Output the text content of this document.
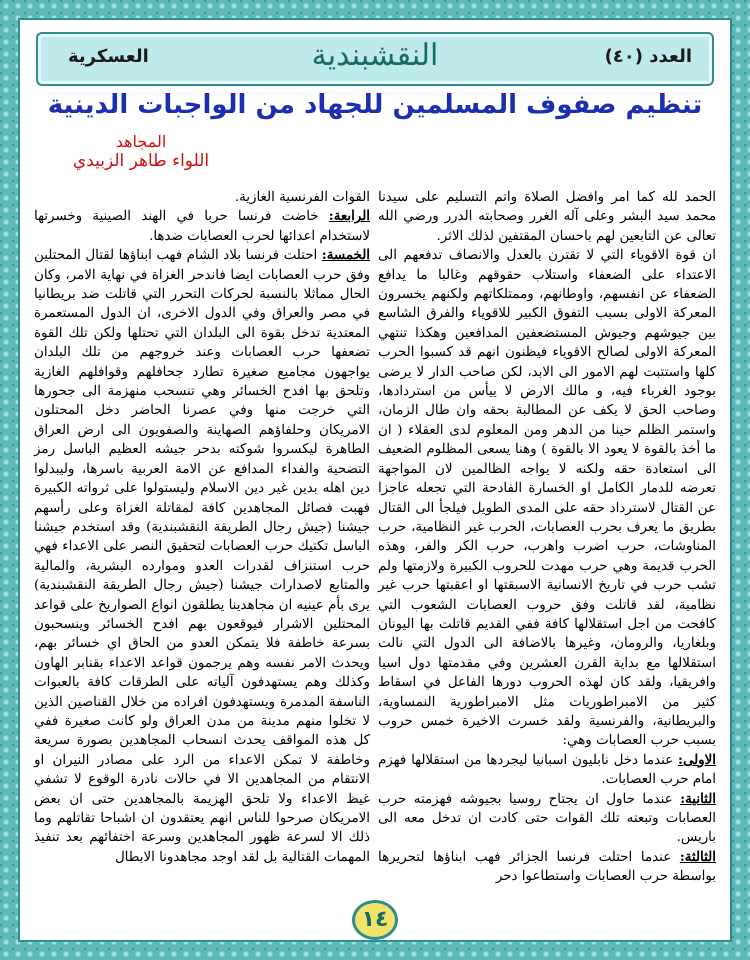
العدد (٤٠)
النقشبندية
العسكرية
تنظيم صفوف المسلمين للجهاد من الواجبات الدينية
المجاهد
اللواء طاهر الزبيدي

الحمد لله كما امر وافضل الصلاة واتم التسليم على سيدنا محمد سيد البشر وعلى آله الغرر وصحابته الدرر ورضي الله تعالى عن التابعين لهم باحسان المقتفين لذلك الاثر.

ان قوة الاقوياء التي لا تقترن بالعدل والانصاف تدفعهم الى الاعتداء على الضعفاء واستلاب حقوقهم وغالبا ما يدافع الضعفاء عن انفسهم، واوطانهم، وممتلكاتهم ولكنهم يخسرون المعركة الاولى بسبب التفوق الكبير للاقوياء والفرق الشاسع بين جيوشهم وجيوش المستضعفين المدافعين وهكذا تنتهي المعركة الاولى لصالح الاقوياء فيظنون انهم قد كسبوا الحرب كلها واستتبت لهم الامور الى الابد، لكن صاحب الدار لا يرضى بوجود الغرباء فيه، و مالك الارض لا ييأس من استردادها، وصاحب الحق لا يكف عن المطالبة بحقه وان طال الزمان، واستمر الظلم حينا من الدهر ومن المعلوم لدى العقلاء ( ان ما أخذ بالقوة لا يعود الا بالقوة ) وهنا يسعى المظلوم الضعيف الى استعادة حقه ولكنه لا يواجه الظالمين لان المواجهة تعرضه للدمار الكامل او الخسارة الفادحة التي تجعله عاجزا عن القتال لاسترداد حقه على المدى الطويل فيلجأ الى القتال بطريق ما يعرف بحرب العصابات، الحرب غير النظامية، حرب المناوشات، حرب اضرب واهرب، حرب الكر والفر، وهذه الحرب قديمة وهي حرب مهدت للحروب الكبيرة ولازمتها ولم تشب حرب في تاريخ الانسانية الاسبقتها او اعقبتها حرب غير نظامية، لقد قاتلت وفق حروب العصابات الشعوب التي كافحت من اجل استقلالها كافة ففي القديم قاتلت بها اليونان وبلغاريا، والرومان، وغيرها بالاضافة الى الدول التي نالت استقلالها مع بداية القرن العشرين وفي مقدمتها دول اسيا وافريقيا، ولقد كان لهذه الحروب دورها الفاعل في اسقاط كثير من الامبراطوريات مثل الامبراطورية النمساوية، والبريطانية، والفرنسية ولقد خسرت الاخيرة خمس حروب بسبب حرب العصابات وهي:

الاولى: عندما دخل نابليون اسبانيا ليجردها من استقلالها فهزم امام حرب العصابات.

الثانية: عندما حاول ان يجتاح روسيا بجيوشه فهزمته حرب العصابات وتبعته تلك القوات حتى كادت ان تدخل معه الى باريس.

الثالثة: عندما احتلت فرنسا الجزائر فهب ابناؤها لتحريرها بواسطة حرب العصابات واستطاعوا دحر

القوات الفرنسية الغازية.

الرابعة: خاضت فرنسا حربا في الهند الصينية وخسرتها لاستخدام اعدائها لحرب العصابات ضدها.

الخمسة: احتلت فرنسا بلاد الشام فهب ابناؤها لقتال المحتلين وفق حرب العصابات ايضا فاندحر الغزاة في نهاية الامر، وكان الحال مماثلا بالنسبة لحركات التحرر التي قاتلت ضد بريطانيا في مصر والعراق وفي الدول الاخرى، ان الدول المستعمرة المعتدية تدخل بقوة الى البلدان التي تحتلها ولكن تلك القوة تضعفها حرب العصابات وعند خروجهم من تلك البلدان يواجهون مجاميع صغيرة تطارد جحافلهم وقوافلهم الغازية وتلحق بها افدح الخسائر وهي تنسحب منهزمة الى جحورها التي خرجت منها وفي عصرنا الحاضر دخل المحتلون الامريكان وحلفاؤهم الصهاينة والصفويون الى ارض العراق الطاهرة ليكسروا شوكته بدحر جيشه العظيم الباسل رمز التضحية والفداء المدافع عن الامة العربية باسرها، وليبدلوا دين اهله بدين غير دين الاسلام وليستولوا على ثرواته الكبيرة فهبت فصائل المجاهدين كافة لمقاتلة الغزاة وعلى رأسهم جيشنا (جيش رجال الطريقة النقشبندية) وقد استخدم جيشنا الباسل تكتيك حرب العصابات لتحقيق النصر على الاعداء فهي حرب استنزاف لقدرات العدو وموارده البشرية، والمالية والمتابع لاصدارات جيشنا (جيش رجال الطريقة النقشبندية) يرى بأم عينيه ان مجاهدينا يطلقون انواع الصواريخ على قواعد المحتلين الاشرار فيوقعون بهم افدح الخسائر وينسحبون بسرعة خاطفة فلا يتمكن العدو من الحاق اي خسائر بهم، ويحدث الامر نفسه وهم يرجمون قواعد الاعداء بقنابر الهاون وكذلك وهم يستهدفون آلياته على الطرقات كافة بالعبوات الناسفة المدمرة ويستهدفون افراده من خلال القناصين الذين لا تخلوا منهم مدينة من مدن العراق ولو كانت صغيرة ففي كل هذه المواقف يحدث انسحاب المجاهدين بصورة سريعة وخاطفة لا تمكن الاعداء من الرد على مصادر النيران او الانتقام من المجاهدين الا في حالات نادرة الوقوع لا تشفي غيظ الاعداء ولا تلحق الهزيمة بالمجاهدين حتى ان بعض الامريكان صرحوا للناس انهم يعتقدون ان اشباحا تقاتلهم وما ذلك الا لسرعة ظهور المجاهدين وسرعة اختفائهم بعد تنفيذ المهمات القتالية بل لقد اوجد مجاهدونا الابطال

١٤
